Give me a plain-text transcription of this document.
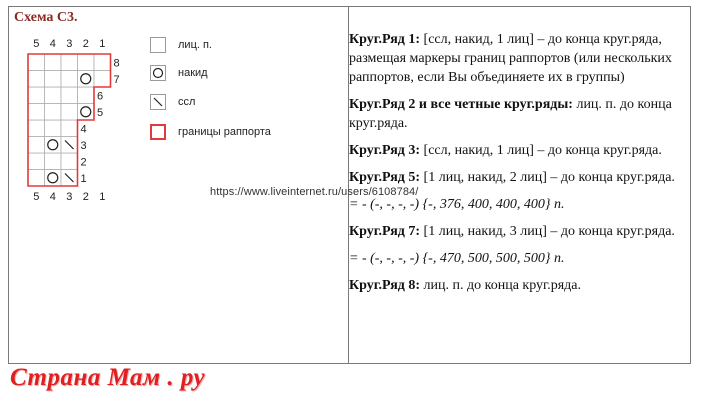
Схема С3.
5 4 3 2 1
5 4 3 2 1
8
7
6
5
4
3
2
1
лиц. п.
накид
ссл
границы раппорта
https://www.liveinternet.ru/users/6108784/

Круг.Ряд 1: [ссл, накид, 1 лиц] – до конца круг.ряда, размещая маркеры границ раппортов (или нескольких раппортов, если Вы объединяете их в группы)

Круг.Ряд 2 и все четные круг.ряды: лиц. п. до конца круг.ряда.

Круг.Ряд 3: [ссл, накид, 1 лиц] – до конца круг.ряда.

Круг.Ряд 5: [1 лиц, накид, 2 лиц] – до конца круг.ряда.

= - (-, -, -, -) {-, 376, 400, 400, 400} п.

Круг.Ряд 7: [1 лиц, накид, 3 лиц] – до конца круг.ряда.

= - (-, -, -, -) {-, 470, 500, 500, 500} п.

Круг.Ряд 8: лиц. п. до конца круг.ряда.

Страна Мам . ру
